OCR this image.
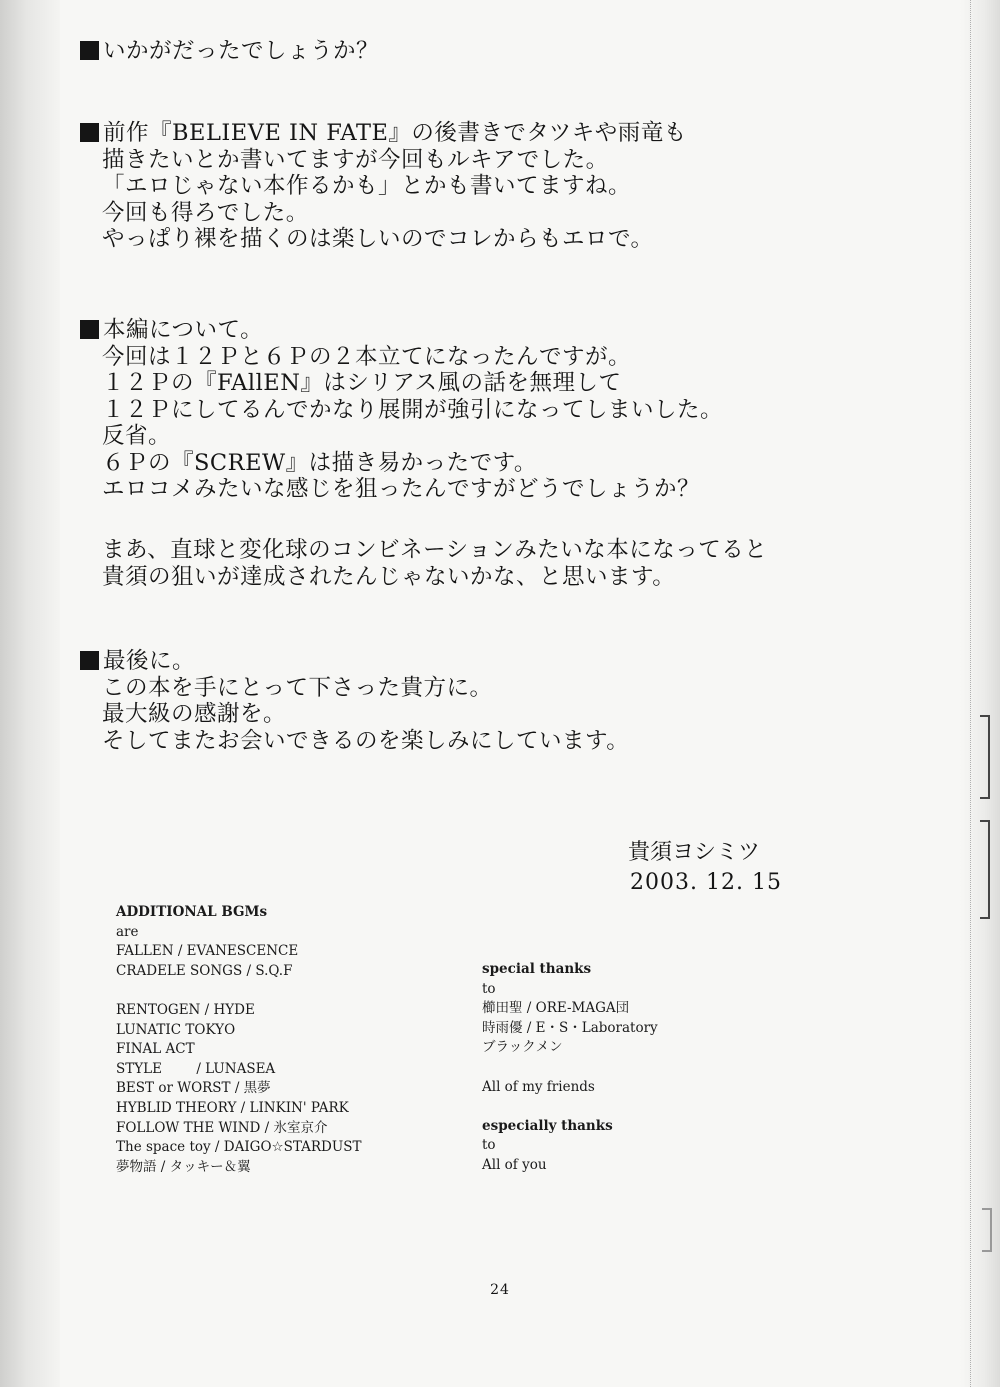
いかがだったでしょうか？
前作『BELIEVE IN FATE』の後書きでタツキや雨竜も
描きたいとか書いてますが今回もルキアでした。
「エロじゃない本作るかも」とかも書いてますね。
今回も得ろでした。
やっぱり裸を描くのは楽しいのでコレからもエロで。
本編について。
今回は１２Ｐと６Ｐの２本立てになったんですが。
１２Ｐの『FAllEN』はシリアス風の話を無理して
１２Ｐにしてるんでかなり展開が強引になってしまいした。
反省。
６Ｐの『SCREW』は描き易かったです。
エロコメみたいな感じを狙ったんですがどうでしょうか？
まあ、直球と変化球のコンビネーションみたいな本になってると
貴須の狙いが達成されたんじゃないかな、と思います。
最後に。
この本を手にとって下さった貴方に。
最大級の感謝を。
そしてまたお会いできるのを楽しみにしています。
貴須ヨシミツ
2003. 12. 15
ADDITIONAL BGMs
are
FALLEN / EVANESCENCE
CRADELE SONGS / S.Q.F
RENTOGEN / HYDE
LUNATIC TOKYO
FINAL ACT
STYLE        / LUNASEA
BEST or WORST / 黒夢
HYBLID THEORY / LINKIN' PARK
FOLLOW THE WIND / 氷室京介
The space toy / DAIGO☆STARDUST
夢物語 / タッキー＆翼
special thanks
to
櫛田聖 / ORE-MAGA団
時雨優 / E・S・Laboratory
ブラックメン
All of my friends
especially thanks
to
All of you
24
